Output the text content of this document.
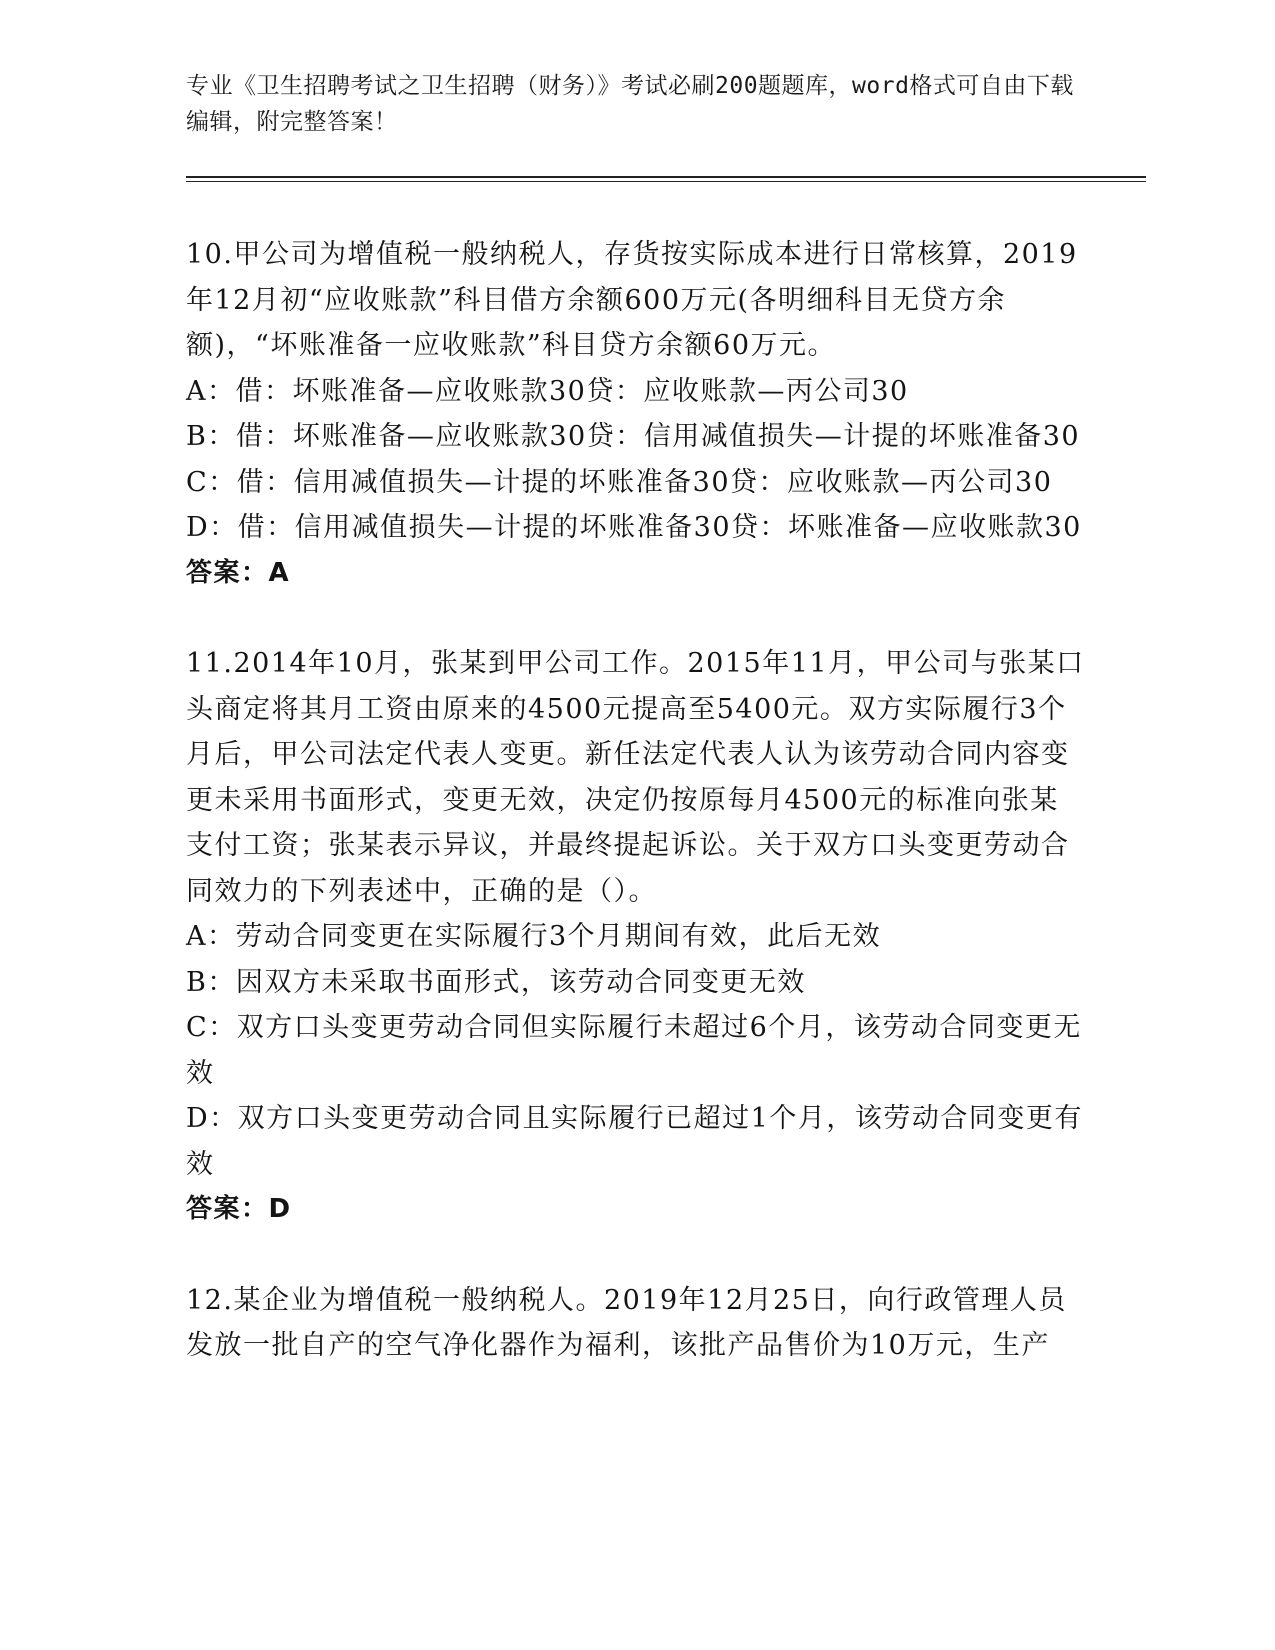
专业《卫生招聘考试之卫生招聘（财务）》考试必刷200题题库，word格式可自由下载编辑，附完整答案！

10.甲公司为增值税一般纳税人，存货按实际成本进行日常核算，2019年12月初“应收账款”科目借方余额600万元(各明细科目无贷方余额)，“坏账准备一应收账款”科目贷方余额60万元。

A：借：坏账准备—应收账款30贷：应收账款—丙公司30

B：借：坏账准备—应收账款30贷：信用减值损失—计提的坏账准备30

C：借：信用减值损失—计提的坏账准备30贷：应收账款—丙公司30

D：借：信用减值损失—计提的坏账准备30贷：坏账准备—应收账款30

答案：A

11.2014年10月，张某到甲公司工作。2015年11月，甲公司与张某口头商定将其月工资由原来的4500元提高至5400元。双方实际履行3个月后，甲公司法定代表人变更。新任法定代表人认为该劳动合同内容变更未采用书面形式，变更无效，决定仍按原每月4500元的标准向张某支付工资；张某表示异议，并最终提起诉讼。关于双方口头变更劳动合同效力的下列表述中，正确的是（）。

A：劳动合同变更在实际履行3个月期间有效，此后无效

B：因双方未采取书面形式，该劳动合同变更无效

C：双方口头变更劳动合同但实际履行未超过6个月，该劳动合同变更无效

D：双方口头变更劳动合同且实际履行已超过1个月，该劳动合同变更有效

答案：D

12.某企业为增值税一般纳税人。2019年12月25日，向行政管理人员发放一批自产的空气净化器作为福利，该批产品售价为10万元，生产
